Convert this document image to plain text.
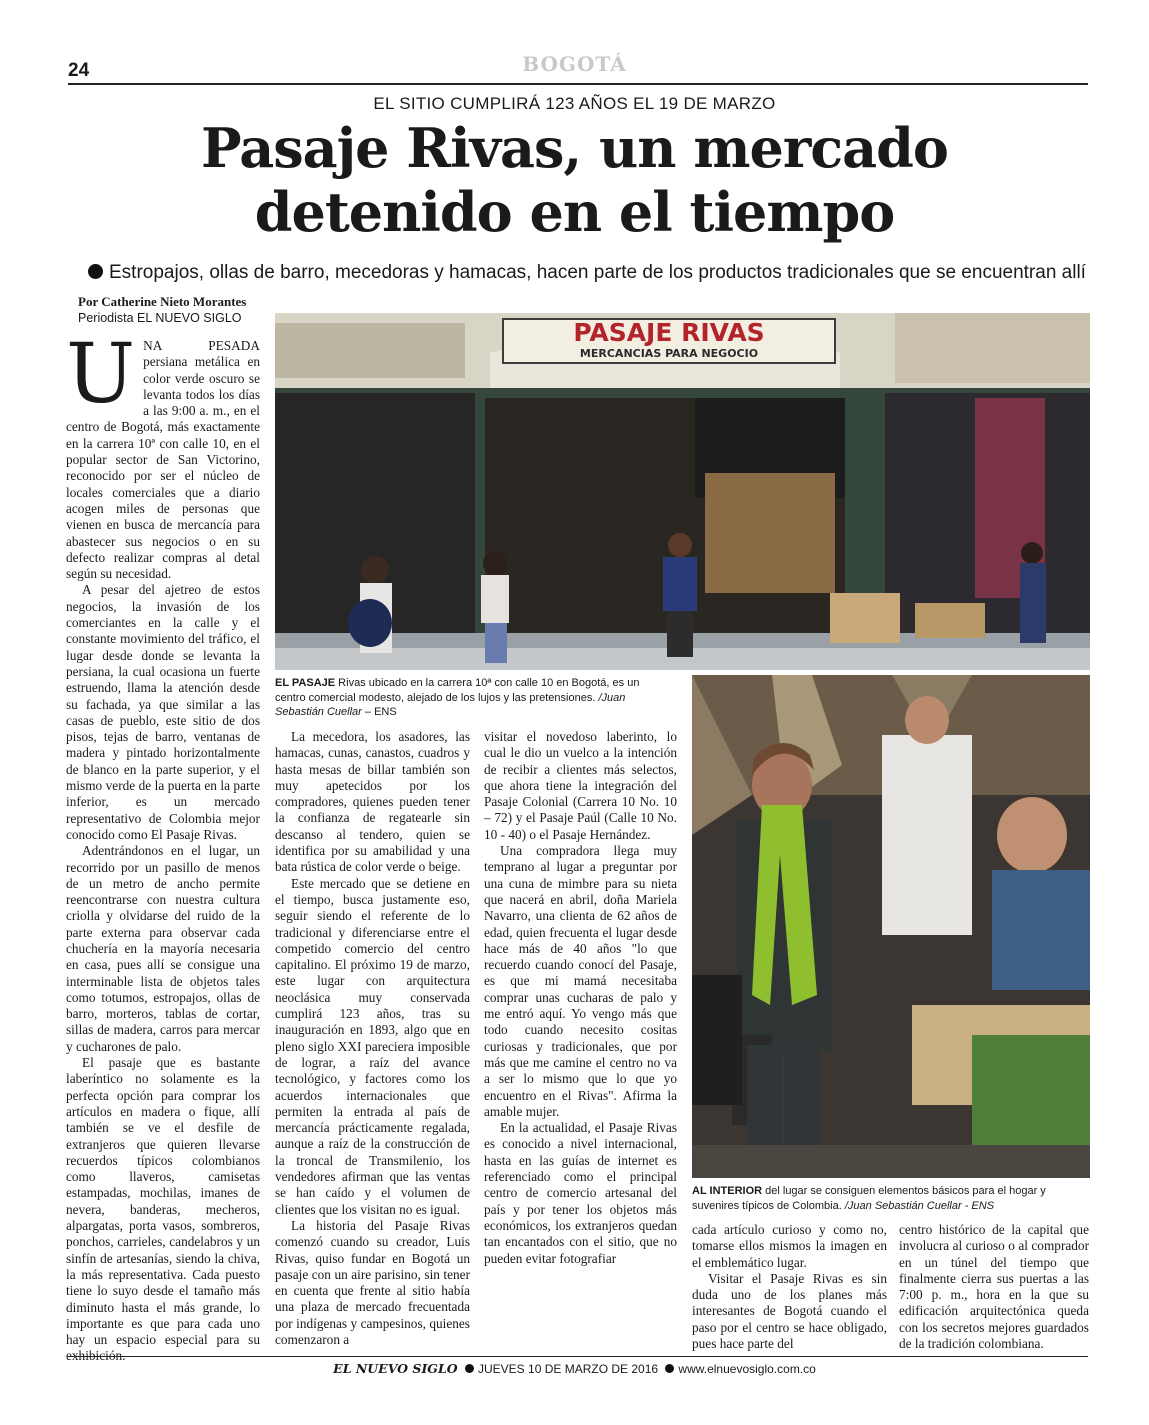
24	BOGOTÁ
EL SITIO CUMPLIRÁ 123 AÑOS EL 19 DE MARZO
Pasaje Rivas, un mercado
detenido en el tiempo
Estropajos, ollas de barro, mecedoras y hamacas, hacen parte de los productos tradicionales que se encuentran allí
Por Catherine Nieto Morantes
Periodista EL NUEVO SIGLO
U NA PESADA persiana metálica en color verde oscuro se levanta todos los días a las 9:00 a. m., en el centro de Bogotá, más exactamente en la carrera 10ª con calle 10, en el popular sector de San Victorino, reconocido por ser el núcleo de locales comerciales que a diario acogen miles de personas que vienen en busca de mercancía para abastecer sus negocios o en su defecto realizar compras al detal según su necesidad.

A pesar del ajetreo de estos negocios, la invasión de los comerciantes en la calle y el constante movimiento del tráfico, el lugar desde donde se levanta la persiana, la cual ocasiona un fuerte estruendo, llama la atención desde su fachada, ya que similar a las casas de pueblo, este sitio de dos pisos, tejas de barro, ventanas de madera y pintado horizontalmente de blanco en la parte superior, y el mismo verde de la puerta en la parte inferior, es un mercado representativo de Colombia mejor conocido como El Pasaje Rivas.

Adentrándonos en el lugar, un recorrido por un pasillo de menos de un metro de ancho permite reencontrarse con nuestra cultura criolla y olvidarse del ruido de la parte externa para observar cada chuchería en la mayoría necesaria en casa, pues allí se consigue una interminable lista de objetos tales como totumos, estropajos, ollas de barro, morteros, tablas de cortar, sillas de madera, carros para mercar y cucharones de palo.

El pasaje que es bastante laberíntico no solamente es la perfecta opción para comprar los artículos en madera o fique, allí también se ve el desfile de extranjeros que quieren llevarse recuerdos típicos colombianos como llaveros, camisetas estampadas, mochilas, imanes de nevera, banderas, mecheros, alpargatas, porta vasos, sombreros, ponchos, carrieles, candelabros y un sinfín de artesanías, siendo la chiva, la más representativa. Cada puesto tiene lo suyo desde el tamaño más diminuto hasta el más grande, lo importante es que para cada uno hay un espacio especial para su exhibición.

PASAJE RIVAS
MERCANCIAS PARA NEGOCIO
EL PASAJE Rivas ubicado en la carrera 10ª con calle 10 en Bogotá, es un centro comercial modesto, alejado de los lujos y las pretensiones. /Juan Sebastián Cuellar – ENS

La mecedora, los asadores, las hamacas, cunas, canastos, cuadros y hasta mesas de billar también son muy apetecidos por los compradores, quienes pueden tener la confianza de regatearle sin descanso al tendero, quien se identifica por su amabilidad y una bata rústica de color verde o beige.

Este mercado que se detiene en el tiempo, busca justamente eso, seguir siendo el referente de lo tradicional y diferenciarse entre el competido comercio del centro capitalino. El próximo 19 de marzo, este lugar con arquitectura neoclásica muy conservada cumplirá 123 años, tras su inauguración en 1893, algo que en pleno siglo XXI pareciera imposible de lograr, a raíz del avance tecnológico, y factores como los acuerdos internacionales que permiten la entrada al país de mercancía prácticamente regalada, aunque a raíz de la construcción de la troncal de Transmilenio, los vendedores afirman que las ventas se han caído y el volumen de clientes que los visitan no es igual.

La historia del Pasaje Rivas comenzó cuando su creador, Luis Rivas, quiso fundar en Bogotá un pasaje con un aire parisino, sin tener en cuenta que frente al sitio había una plaza de mercado frecuentada por indígenas y campesinos, quienes comenzaron a

visitar el novedoso laberinto, lo cual le dio un vuelco a la intención de recibir a clientes más selectos, que ahora tiene la integración del Pasaje Colonial (Carrera 10 No. 10 – 72) y el Pasaje Paúl (Calle 10 No. 10 - 40) o el Pasaje Hernández.

Una compradora llega muy temprano al lugar a preguntar por una cuna de mimbre para su nieta que nacerá en abril, doña Mariela Navarro, una clienta de 62 años de edad, quien frecuenta el lugar desde hace más de 40 años "lo que recuerdo cuando conocí del Pasaje, es que mi mamá necesitaba comprar unas cucharas de palo y me entró aquí. Yo vengo más que todo cuando necesito cositas curiosas y tradicionales, que por más que me camine el centro no va a ser lo mismo que lo que yo encuentro en el Rivas". Afirma la amable mujer.

En la actualidad, el Pasaje Rivas es conocido a nivel internacional, hasta en las guías de internet es referenciado como el principal centro de comercio artesanal del país y por tener los objetos más económicos, los extranjeros quedan tan encantados con el sitio, que no pueden evitar fotografiar

AL INTERIOR del lugar se consiguen elementos básicos para el hogar y suvenires típicos de Colombia. /Juan Sebastián Cuellar - ENS

cada artículo curioso y como no, tomarse ellos mismos la imagen en el emblemático lugar.

Visitar el Pasaje Rivas es sin duda uno de los planes más interesantes de Bogotá cuando el paso por el centro se hace obligado, pues hace parte del

centro histórico de la capital que involucra al curioso o al comprador en un túnel del tiempo que finalmente cierra sus puertas a las 7:00 p. m., hora en la que su edificación arquitectónica queda con los secretos mejores guardados de la tradición colombiana.

EL NUEVO SIGLO JUEVES 10 DE MARZO DE 2016 www.elnuevosiglo.com.co
